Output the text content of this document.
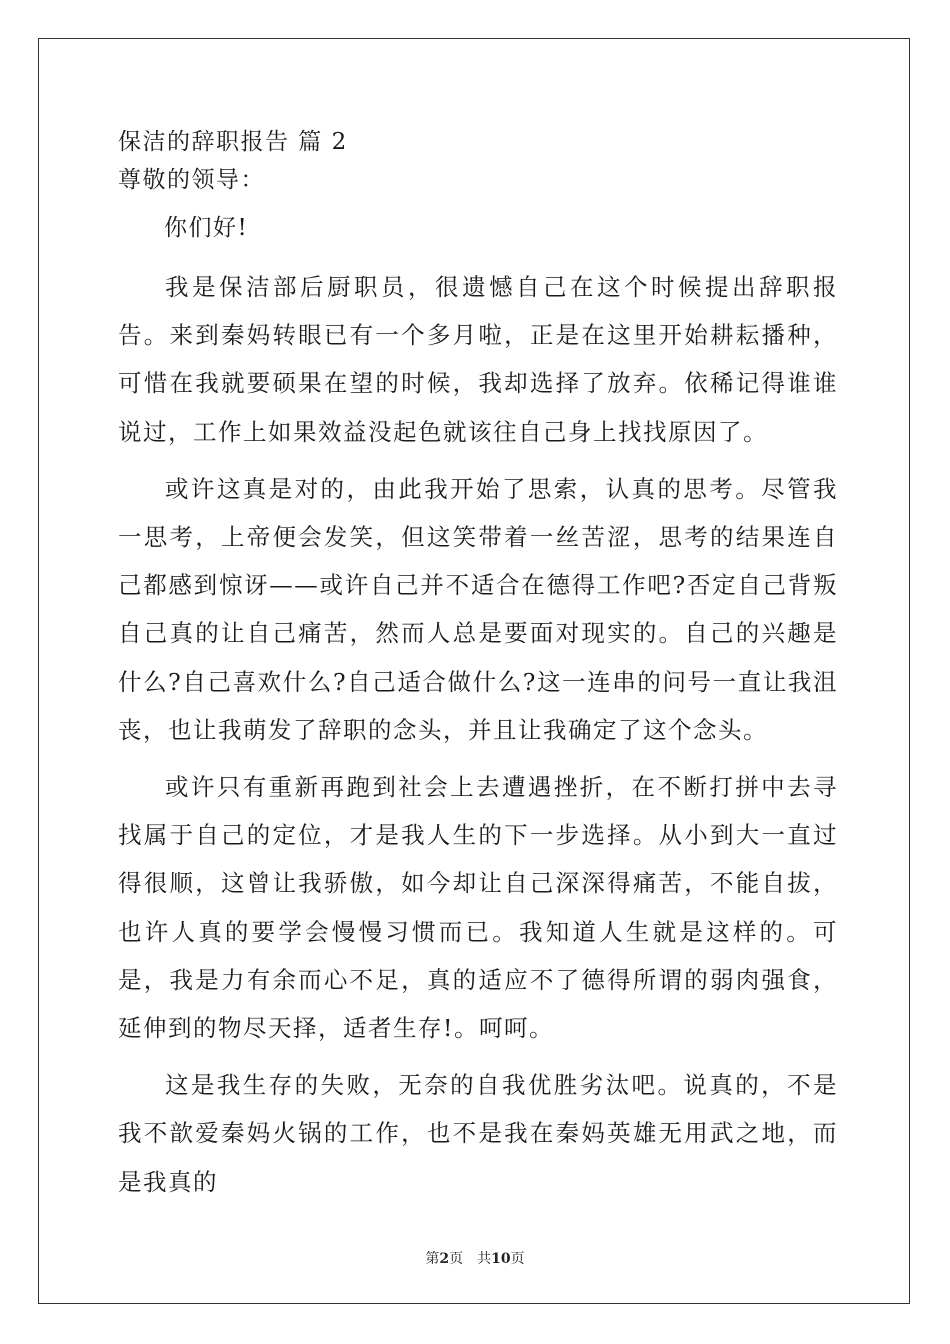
保洁的辞职报告 篇 2
尊敬的领导：
你们好!

我是保洁部后厨职员，很遗憾自己在这个时候提出辞职报告。来到秦妈转眼已有一个多月啦，正是在这里开始耕耘播种，可惜在我就要硕果在望的时候，我却选择了放弃。依稀记得谁谁说过，工作上如果效益没起色就该往自己身上找找原因了。

或许这真是对的，由此我开始了思索，认真的思考。尽管我一思考，上帝便会发笑，但这笑带着一丝苦涩，思考的结果连自己都感到惊讶——或许自己并不适合在德得工作吧?否定自己背叛自己真的让自己痛苦，然而人总是要面对现实的。自己的兴趣是什么?自己喜欢什么?自己适合做什么?这一连串的问号一直让我沮丧，也让我萌发了辞职的念头，并且让我确定了这个念头。

或许只有重新再跑到社会上去遭遇挫折，在不断打拼中去寻找属于自己的定位，才是我人生的下一步选择。从小到大一直过得很顺，这曾让我骄傲，如今却让自己深深得痛苦，不能自拔，也许人真的要学会慢慢习惯而已。我知道人生就是这样的。可是，我是力有余而心不足，真的适应不了德得所谓的弱肉强食，延伸到的物尽天择，适者生存!。呵呵。

这是我生存的失败，无奈的自我优胜劣汰吧。说真的，不是我不歆爱秦妈火锅的工作，也不是我在秦妈英雄无用武之地，而是我真的

第2页　共10页
